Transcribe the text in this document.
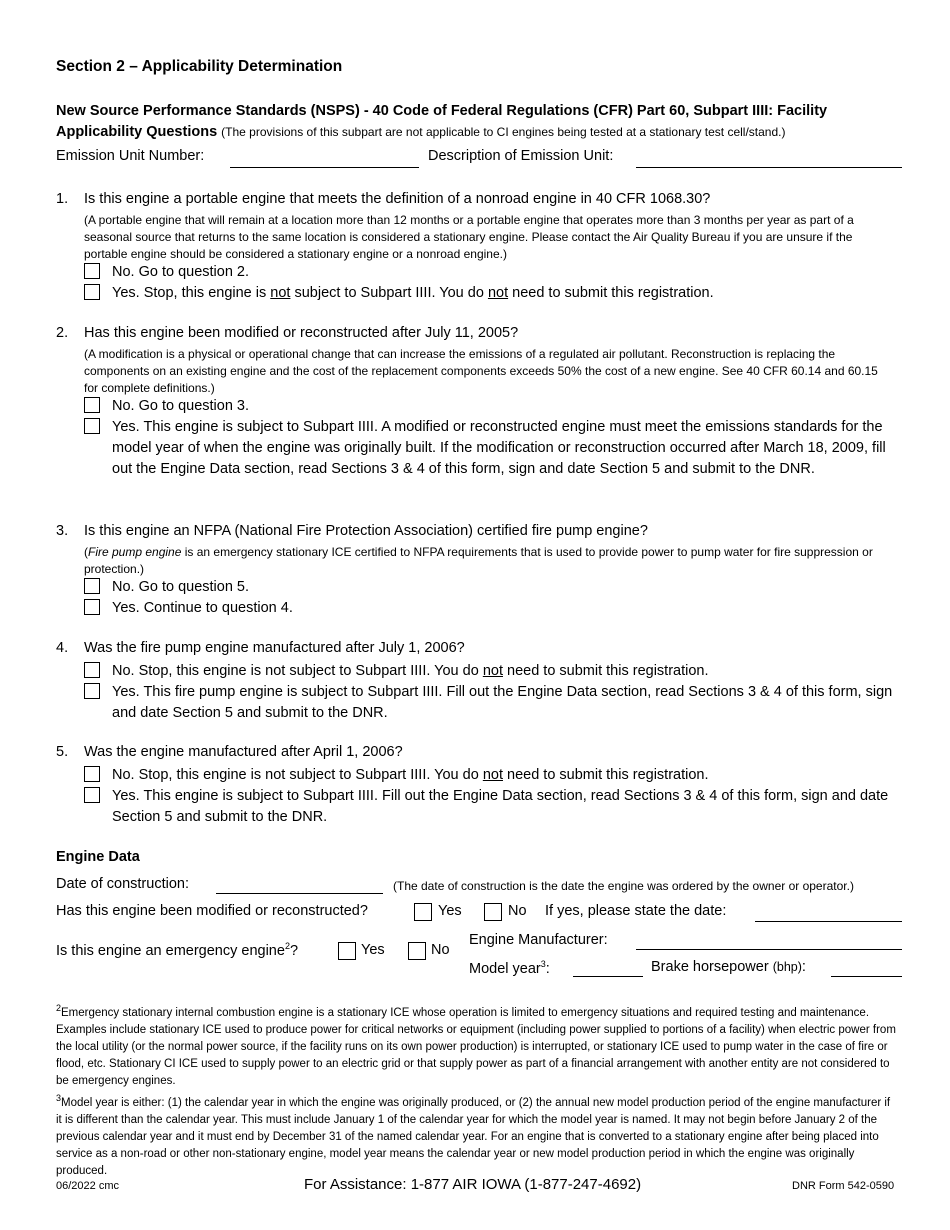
Section 2 – Applicability Determination
New Source Performance Standards (NSPS) - 40 Code of Federal Regulations (CFR) Part 60, Subpart IIII: Facility Applicability Questions (The provisions of this subpart are not applicable to CI engines being tested at a stationary test cell/stand.)
Emission Unit Number:	Description of Emission Unit:
1. Is this engine a portable engine that meets the definition of a nonroad engine in 40 CFR 1068.30?
(A portable engine that will remain at a location more than 12 months or a portable engine that operates more than 3 months per year as part of a seasonal source that returns to the same location is considered a stationary engine. Please contact the Air Quality Bureau if you are unsure if the portable engine should be considered a stationary engine or a nonroad engine.)
No. Go to question 2.
Yes. Stop, this engine is not subject to Subpart IIII. You do not need to submit this registration.
2. Has this engine been modified or reconstructed after July 11, 2005?
(A modification is a physical or operational change that can increase the emissions of a regulated air pollutant. Reconstruction is replacing the components on an existing engine and the cost of the replacement components exceeds 50% the cost of a new engine. See 40 CFR 60.14 and 60.15 for complete definitions.)
No. Go to question 3.
Yes. This engine is subject to Subpart IIII. A modified or reconstructed engine must meet the emissions standards for the model year of when the engine was originally built. If the modification or reconstruction occurred after March 18, 2009, fill out the Engine Data section, read Sections 3 & 4 of this form, sign and date Section 5 and submit to the DNR.
3. Is this engine an NFPA (National Fire Protection Association) certified fire pump engine?
(Fire pump engine is an emergency stationary ICE certified to NFPA requirements that is used to provide power to pump water for fire suppression or protection.)
No. Go to question 5.
Yes. Continue to question 4.
4. Was the fire pump engine manufactured after July 1, 2006?
No. Stop, this engine is not subject to Subpart IIII. You do not need to submit this registration.
Yes. This fire pump engine is subject to Subpart IIII. Fill out the Engine Data section, read Sections 3 & 4 of this form, sign and date Section 5 and submit to the DNR.
5. Was the engine manufactured after April 1, 2006?
No. Stop, this engine is not subject to Subpart IIII. You do not need to submit this registration.
Yes. This engine is subject to Subpart IIII. Fill out the Engine Data section, read Sections 3 & 4 of this form, sign and date Section 5 and submit to the DNR.
Engine Data
Date of construction:	(The date of construction is the date the engine was ordered by the owner or operator.)
Has this engine been modified or reconstructed?	Yes	No If yes, please state the date:
Is this engine an emergency engine$^2$?	Yes	No
Engine Manufacturer:
Model year$^3$:	Brake horsepower (bhp):
$^2$Emergency stationary internal combustion engine is a stationary ICE whose operation is limited to emergency situations and required testing and maintenance. Examples include stationary ICE used to produce power for critical networks or equipment (including power supplied to portions of a facility) when electric power from the local utility (or the normal power source, if the facility runs on its own power production) is interrupted, or stationary ICE used to pump water in the case of fire or flood, etc. Stationary CI ICE used to supply power to an electric grid or that supply power as part of a financial arrangement with another entity are not considered to be emergency engines.
$^3$Model year is either: (1) the calendar year in which the engine was originally produced, or (2) the annual new model production period of the engine manufacturer if it is different than the calendar year. This must include January 1 of the calendar year for which the model year is named. It may not begin before January 2 of the previous calendar year and it must end by December 31 of the named calendar year. For an engine that is converted to a stationary engine after being placed into service as a non-road or other non-stationary engine, model year means the calendar year or new model production period in which the engine was originally produced.
06/2022 cmc	For Assistance: 1-877 AIR IOWA (1-877-247-4692)	DNR Form 542-0590
